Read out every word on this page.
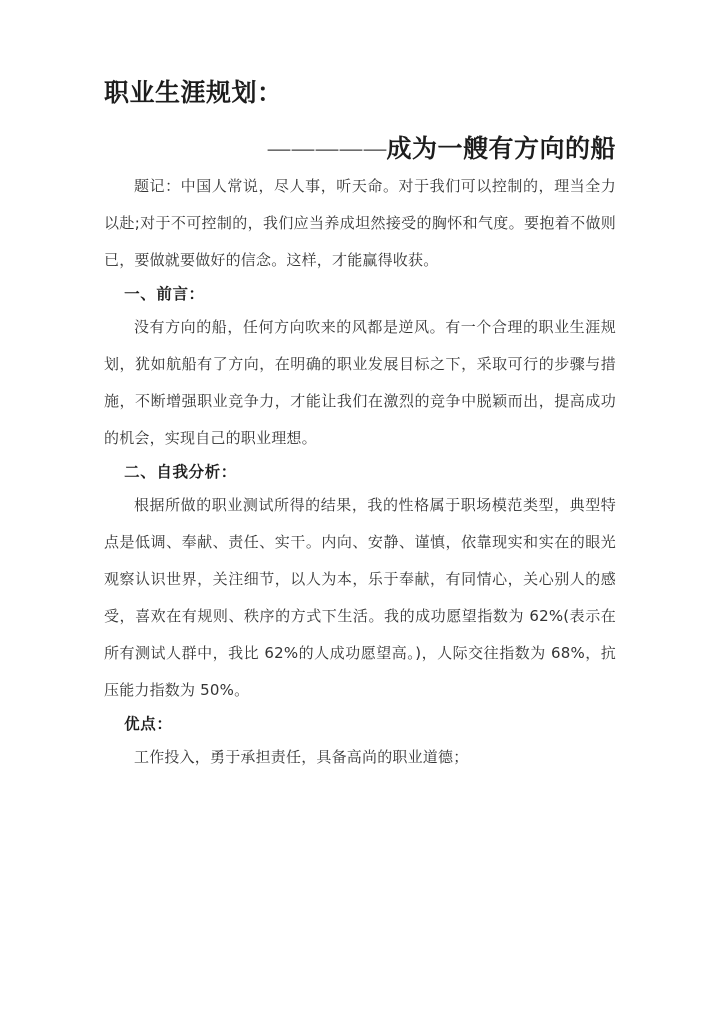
职业生涯规划：
—————成为一艘有方向的船

题记：中国人常说，尽人事，听天命。对于我们可以控制的，理当全力以赴;对于不可控制的，我们应当养成坦然接受的胸怀和气度。要抱着不做则已，要做就要做好的信念。这样，才能赢得收获。

一、前言：

没有方向的船，任何方向吹来的风都是逆风。有一个合理的职业生涯规划，犹如航船有了方向，在明确的职业发展目标之下，采取可行的步骤与措施，不断增强职业竞争力，才能让我们在激烈的竞争中脱颖而出，提高成功的机会，实现自己的职业理想。

二、自我分析：

根据所做的职业测试所得的结果，我的性格属于职场模范类型，典型特点是低调、奉献、责任、实干。内向、安静、谨慎，依靠现实和实在的眼光观察认识世界，关注细节，以人为本，乐于奉献，有同情心，关心别人的感受，喜欢在有规则、秩序的方式下生活。我的成功愿望指数为 62%(表示在所有测试人群中，我比 62%的人成功愿望高。)，人际交往指数为 68%，抗压能力指数为 50%。

优点：

工作投入，勇于承担责任，具备高尚的职业道德；
